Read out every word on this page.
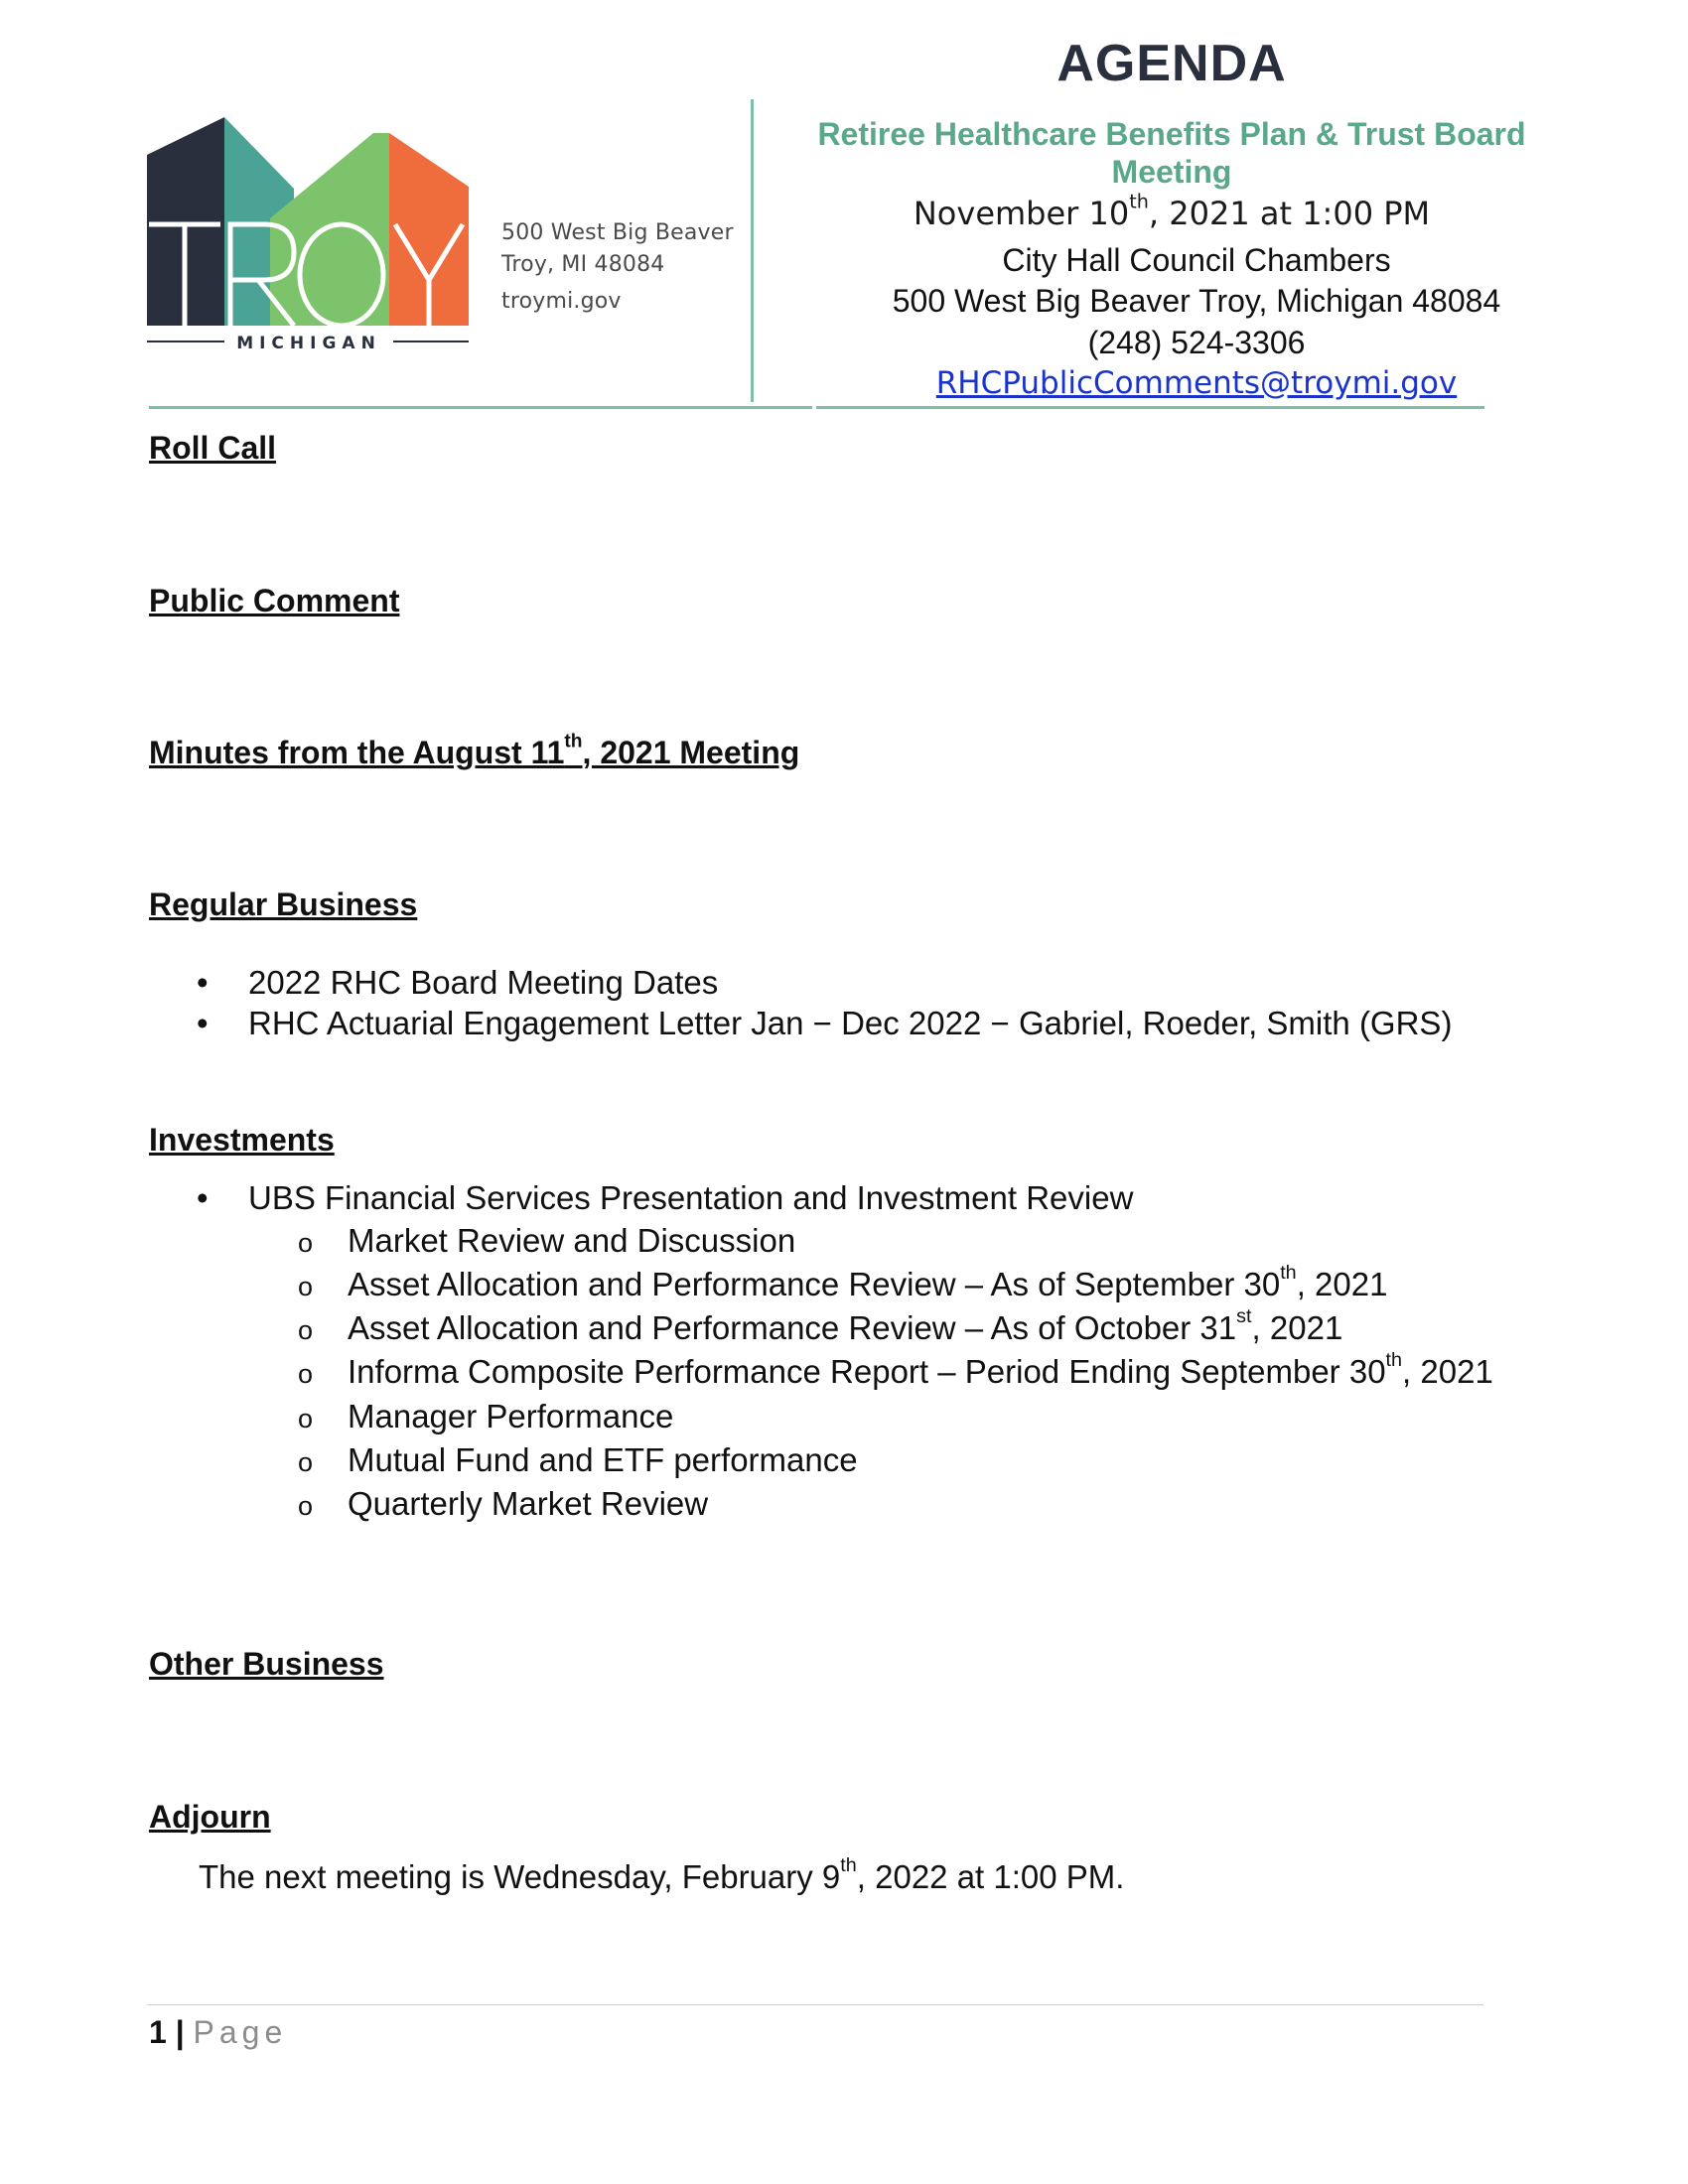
MICHIGAN
500 West Big Beaver
Troy, MI 48084
troymi.gov
AGENDA
Retiree Healthcare Benefits Plan & Trust Board
Meeting
November 10th, 2021 at 1:00 PM
City Hall Council Chambers
500 West Big Beaver Troy, Michigan 48084
(248) 524-3306
RHCPublicComments@troymi.gov
Roll Call
Public Comment
Minutes from the August 11th, 2021 Meeting
Regular Business
• 2022 RHC Board Meeting Dates
• RHC Actuarial Engagement Letter Jan − Dec 2022 − Gabriel, Roeder, Smith (GRS)
Investments
• UBS Financial Services Presentation and Investment Review
o Market Review and Discussion
o Asset Allocation and Performance Review – As of September 30th, 2021
o Asset Allocation and Performance Review – As of October 31st, 2021
o Informa Composite Performance Report – Period Ending September 30th, 2021
o Manager Performance
o Mutual Fund and ETF performance
o Quarterly Market Review
Other Business
Adjourn
The next meeting is Wednesday, February 9th, 2022 at 1:00 PM.
1 | Page
